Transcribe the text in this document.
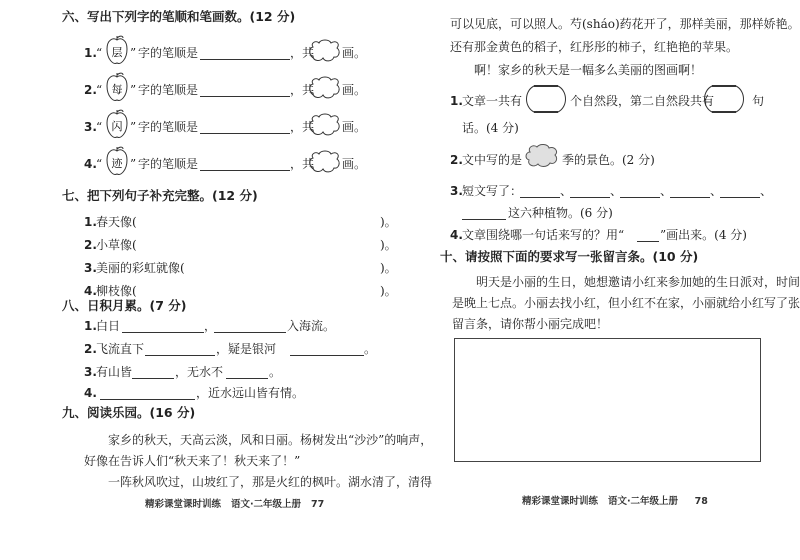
六、写出下列字的笔顺和笔画数。(12 分)
1. “ 层 ” 字的笔顺是	，共 画。
2. “ 每 ” 字的笔顺是	，共 画。
3. “ 闪 ” 字的笔顺是	，共 画。
4. “ 迹 ” 字的笔顺是	，共 画。
七、把下列句子补充完整。(12 分)
1. 春天像(	)。
2. 小草像(	)。
3. 美丽的彩虹就像(	)。
4. 柳枝像(	)。
八、日积月累。(7 分)
1. 白日	，	入海流。
2. 飞流直下	，疑是银河	。
3. 有山皆	，无水不	。
4.	，近水远山皆有情。
九、阅读乐园。(16 分)
家乡的秋天，天高云淡，风和日丽。杨树发出“沙沙”的响声，
好像在告诉人们“秋天来了！秋天来了！”
一阵秋风吹过，山坡红了，那是火红的枫叶。湖水清了，清得
精彩课堂课时训练 语文·二年级上册 77
可以见底，可以照人。芍(sháo)药花开了，那样美丽，那样娇艳。
还有那金黄色的稻子，红彤彤的柿子，红艳艳的苹果。
啊！家乡的秋天是一幅多么美丽的图画啊！
1. 文章一共有	个自然段，第二自然段共有	句
话。(4 分)
2. 文中写的是	季的景色。(2 分)
3. 短文写了：	、	、	、	、	、
这六种植物。(6 分)
4. 文章围绕哪一句话来写的？用“	”画出来。(4 分)
十、请按照下面的要求写一张留言条。(10 分)
明天是小丽的生日，她想邀请小红来参加她的生日派对，时间
是晚上七点。小丽去找小红，但小红不在家，小丽就给小红写了张
留言条，请你帮小丽完成吧！
精彩课堂课时训练 语文·二年级上册 78
